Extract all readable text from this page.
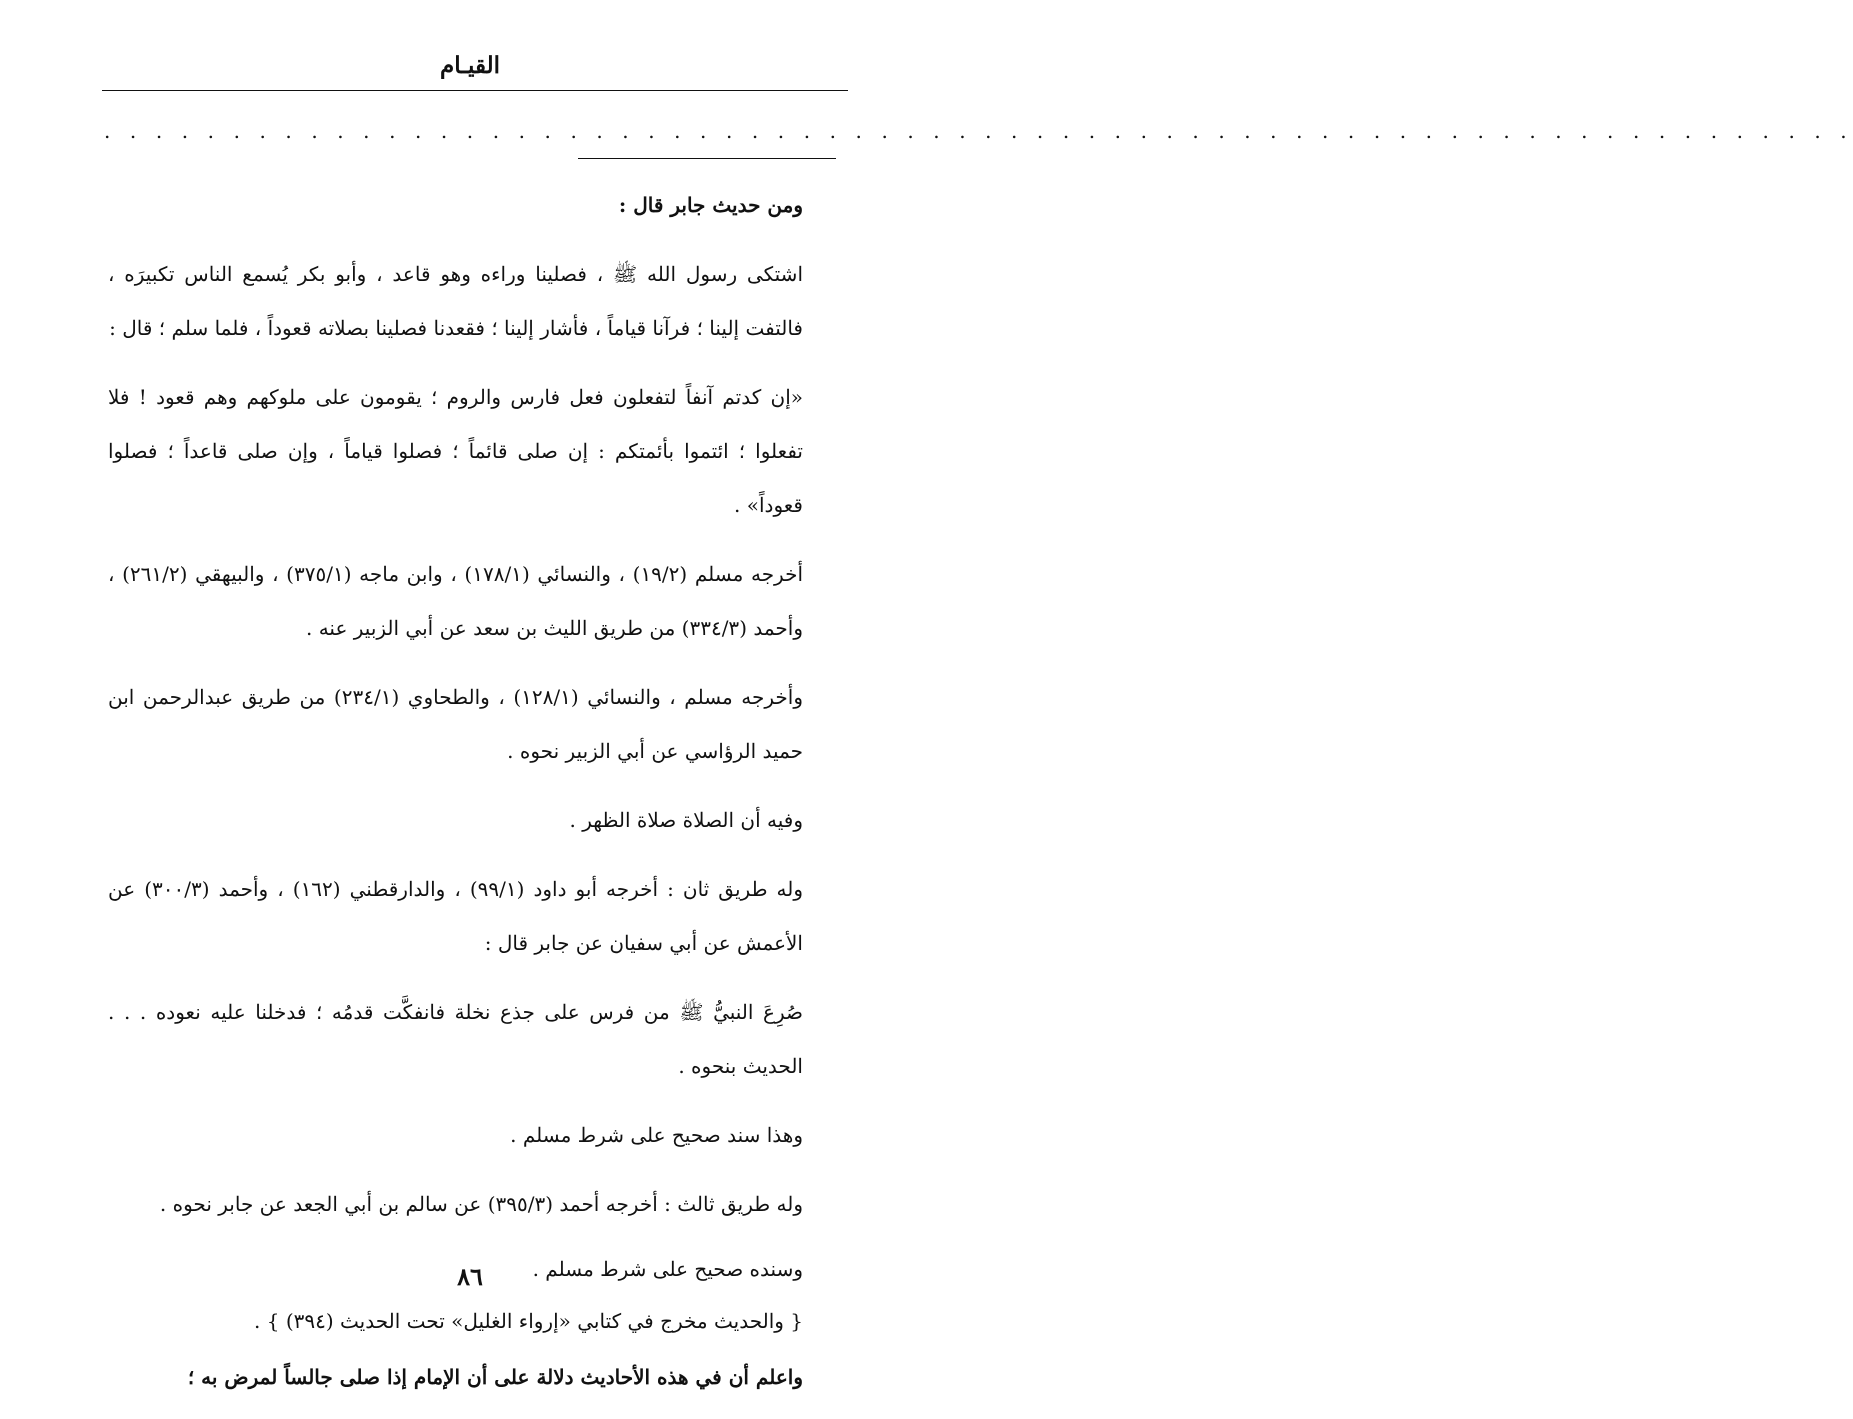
القيـام
. . . . . . . . . . . . . . . . . . . . . . . . . . . . . . . . . . . . . . . . . . . . . . . . . . . . . . . . . . . . . . . . . . . .

ومن حديث جابر قال :

اشتكى رسول الله ﷺ ، فصلينا وراءه وهو قاعد ، وأبو بكر يُسمع الناس تكبيرَه ، فالتفت إلينا ؛ فرآنا قياماً ، فأشار إلينا ؛ فقعدنا فصلينا بصلاته قعوداً ، فلما سلم ؛ قال :

«إن كدتم آنفاً لتفعلون فعل فارس والروم ؛ يقومون على ملوكهم وهم قعود ! فلا تفعلوا ؛ ائتموا بأئمتكم : إن صلى قائماً ؛ فصلوا قياماً ، وإن صلى قاعداً ؛ فصلوا قعوداً» .

أخرجه مسلم (١٩/٢) ، والنسائي (١٧٨/١) ، وابن ماجه (٣٧٥/١) ، والبيهقي (٢٦١/٢) ، وأحمد (٣٣٤/٣) من طريق الليث بن سعد عن أبي الزبير عنه .

وأخرجه مسلم ، والنسائي (١٢٨/١) ، والطحاوي (٢٣٤/١) من طريق عبدالرحمن ابن حميد الرؤاسي عن أبي الزبير نحوه .

وفيه أن الصلاة صلاة الظهر .

وله طريق ثان : أخرجه أبو داود (٩٩/١) ، والدارقطني (١٦٢) ، وأحمد (٣٠٠/٣) عن الأعمش عن أبي سفيان عن جابر قال :

صُرِعَ النبيُّ ﷺ من فرس على جذع نخلة فانفكَّت قدمُه ؛ فدخلنا عليه نعوده . . . الحديث بنحوه .

وهذا سند صحيح على شرط مسلم .

وله طريق ثالث : أخرجه أحمد (٣٩٥/٣) عن سالم بن أبي الجعد عن جابر نحوه .

وسنده صحيح على شرط مسلم .

{ والحديث مخرج في كتابي «إرواء الغليل» تحت الحديث (٣٩٤) } .

واعلم أن في هذه الأحاديث دلالة على أن الإمام إذا صلى جالساً لمرض به ؛

٨٦
